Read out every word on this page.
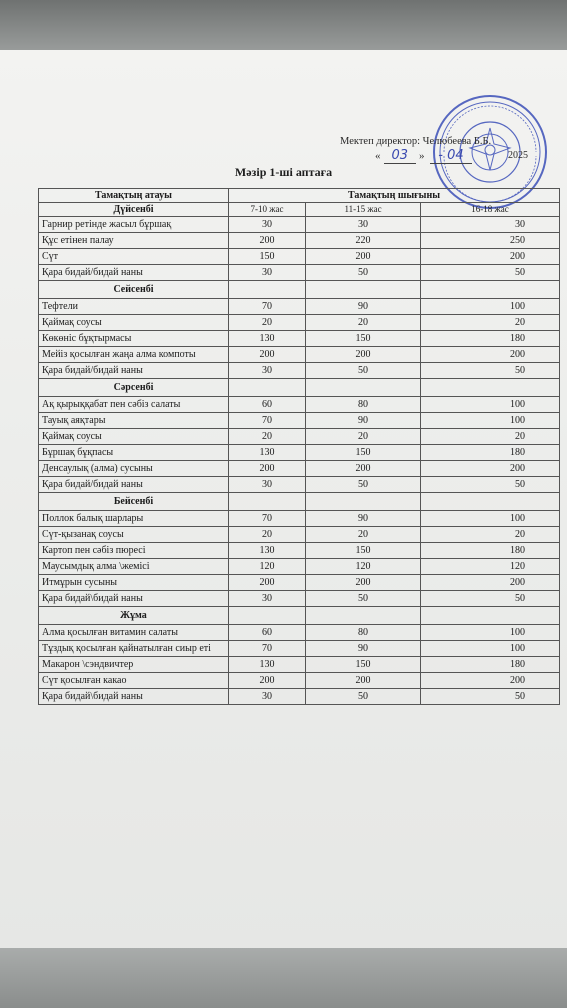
Мектеп директор: Челюбеева Б.Б.
« 03 » - 04	2025
Мәзір 1-ші аптаға
Тамақтың атауы	Тамақтың шығыны		
Дүйсенбі	7-10 жас	11-15 жас	16-18 жас
Гарнир ретінде жасыл бұршақ	30	30	30
Құс етінен палау	200	220	250
Сүт	150	200	200
Қара бидай/бидай наны	30	50	50
Сейсенбі			
Тефтели	70	90	100
Қаймақ соусы	20	20	20
Көкөніс бұқтырмасы	130	150	180
Мейіз қосылған жаңа алма компоты	200	200	200
Қара бидай/бидай наны	30	50	50
Сәрсенбі			
Ақ қырыққабат пен сәбіз салаты	60	80	100
Тауық аяқтары	70	90	100
Қаймақ соусы	20	20	20
Бұршақ бұқпасы	130	150	180
Денсаулық (алма) сусыны	200	200	200
Қара бидай/бидай наны	30	50	50
Бейсенбі			
Поллок балық шарлары	70	90	100
Сүт-қызанақ соусы	20	20	20
Картоп пен сәбіз пюресі	130	150	180
Маусымдық алма \жемісі	120	120	120
Итмұрын сусыны	200	200	200
Қара бидай\бидай наны	30	50	50
Жұма			
Алма қосылған витамин салаты	60	80	100
Тұздық қосылған қайнатылған сиыр еті	70	90	100
Макарон \сэндвичтер	130	150	180
Сүт қосылған какао	200	200	200
Қара бидай\бидай наны	30	50	50
